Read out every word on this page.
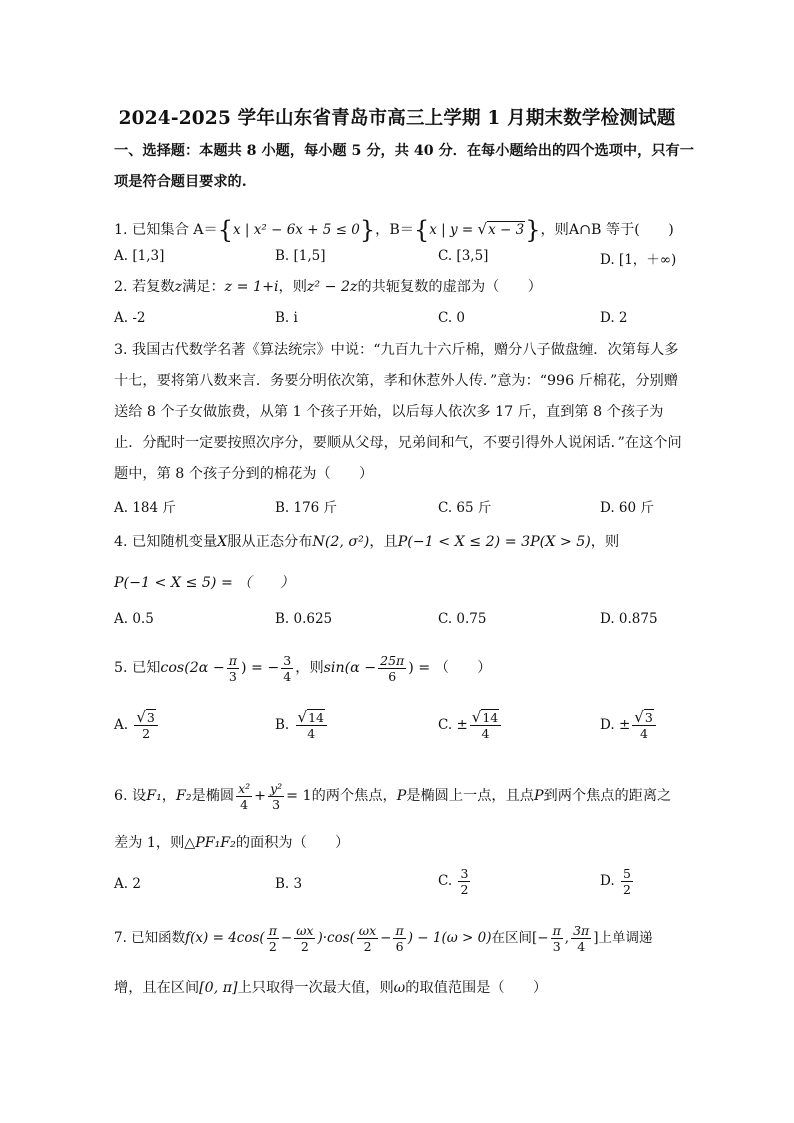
2024-2025 学年山东省青岛市高三上学期 1 月期末数学检测试题
一、选择题：本题共 8 小题，每小题 5 分，共 40 分．在每小题给出的四个选项中，只有一
项是符合题目要求的.
1. 已知集合 A＝{x | x² − 6x + 5 ≤ 0}，B＝{x | y = √x − 3}，则A∩B 等于(　　)
A. [1,3]	B. [1,5]	C. [3,5]	D. [1，＋∞)
2. 若复数z满足：z = 1+i，则z² − 2z的共轭复数的虚部为（　　）
A. -2	B. i	C. 0	D. 2
3. 我国古代数学名著《算法统宗》中说：“九百九十六斤棉，赠分八子做盘缠．次第每人多
十七，要将第八数来言．务要分明依次第，孝和休惹外人传．”意为：“996 斤棉花，分别赠
送给 8 个子女做旅费，从第 1 个孩子开始，以后每人依次多 17 斤，直到第 8 个孩子为
止．分配时一定要按照次序分，要顺从父母，兄弟间和气，不要引得外人说闲话．”在这个问
题中，第 8 个孩子分到的棉花为（　　）
A. 184 斤	B. 176 斤	C. 65 斤	D. 60 斤
4. 已知随机变量X服从正态分布N(2, σ²)，且P(−1 < X ≤ 2) = 3P(X > 5)，则
P(−1 < X ≤ 5) = （　　）
A. 0.5	B. 0.625	C. 0.75	D. 0.875
5. 已知$\cos(2\alpha - \frac{\pi}{3}$ ) = − $\frac{3}{4}$ ，则$\sin(\alpha - \frac{25\pi}{6}$ ) = （　　）
A. $\frac{√3}{2}$	B. $\frac{√14}{4}$	C. ± $\frac{√14}{4}$	D. ± $\frac{√3}{4}$
6. 设F₁，F₂是椭圆 $\frac{\text{x²}}{4} + \frac{\text{y²}}{3} = 1$的两个焦点，P是椭圆上一点，且点P到两个焦点的距离之
差为 1，则△PF₁F₂的面积为（　　）
A. 2	B. 3	C. $\frac{3}{2}$	D. $\frac{5}{2}$
7. 已知函数$f(x) = 4\cos( \frac{\pi}{2} - \frac{\omega x}{2} )\cdot\cos( \frac{\omega x}{2} - \frac{\pi}{6}$ ) − 1(ω > 0)在区间[− $\frac{\pi}{3}$ , $\frac{3\pi}{4}$ ]上单调递
增，且在区间[0, π]上只取得一次最大值，则ω的取值范围是（　　）
